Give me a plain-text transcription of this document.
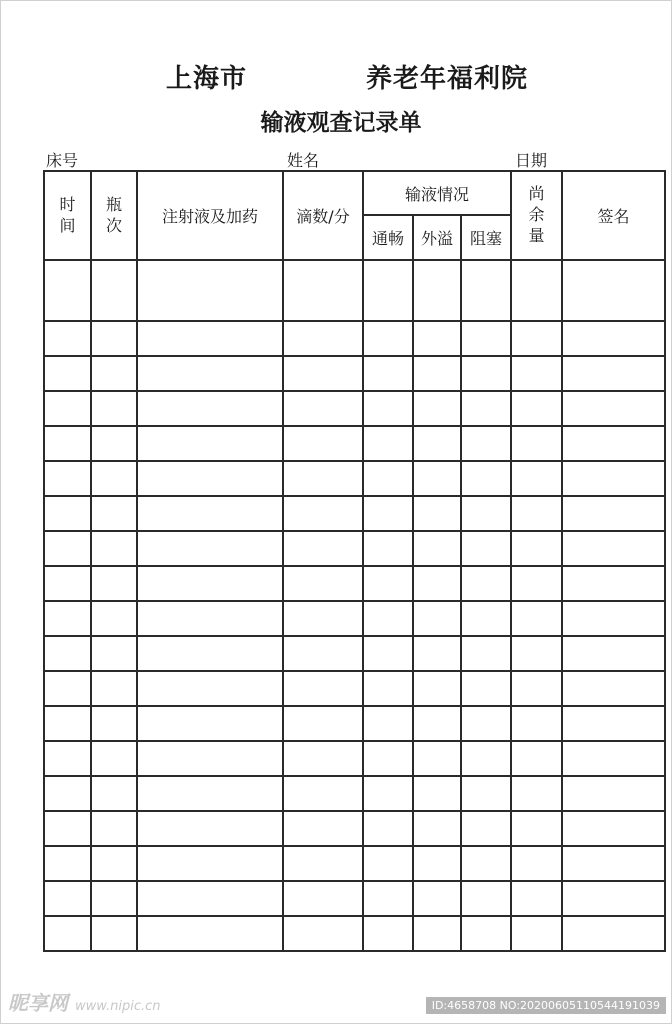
上海市	养老年福利院
输液观查记录单
床号	姓名	日期
时间	瓶次	注射液及加药	滴数/分	输液情况			尚余量	签名
				通畅	外溢	阻塞		

昵享网 www.nipic.cn	ID:4658708 NO:20200605110544191039
